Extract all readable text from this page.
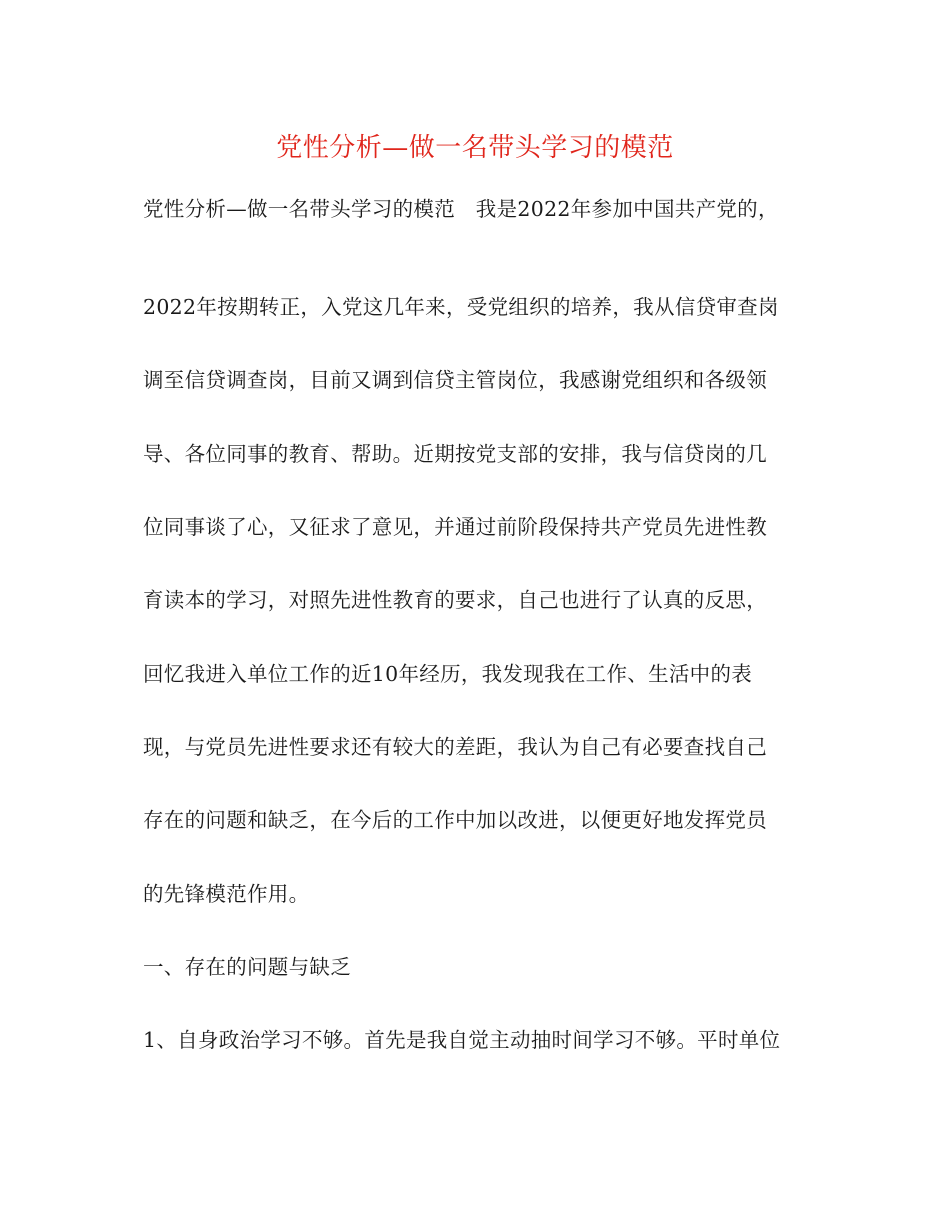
党性分析—做一名带头学习的模范
党性分析—做一名带头学习的模范　我是2022年参加中国共产党的，
2022年按期转正，入党这几年来，受党组织的培养，我从信贷审查岗
调至信贷调查岗，目前又调到信贷主管岗位，我感谢党组织和各级领
导、各位同事的教育、帮助。近期按党支部的安排，我与信贷岗的几
位同事谈了心，又征求了意见，并通过前阶段保持共产党员先进性教
育读本的学习，对照先进性教育的要求，自己也进行了认真的反思，
回忆我进入单位工作的近10年经历，我发现我在工作、生活中的表
现，与党员先进性要求还有较大的差距，我认为自己有必要查找自己
存在的问题和缺乏，在今后的工作中加以改进，以便更好地发挥党员
的先锋模范作用。
一、存在的问题与缺乏
1、自身政治学习不够。首先是我自觉主动抽时间学习不够。平时单位
